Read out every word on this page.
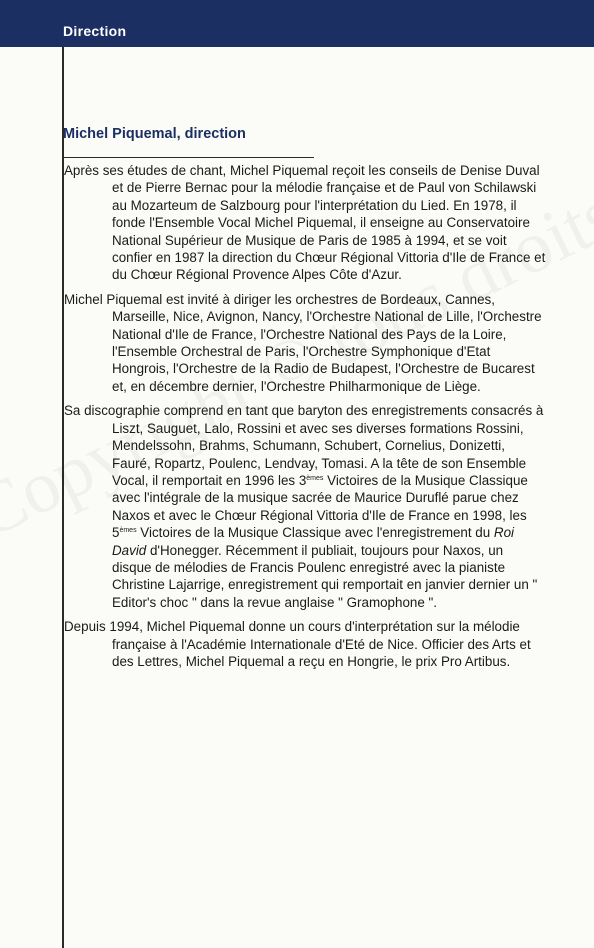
Direction
Michel Piquemal, direction

Après ses études de chant, Michel Piquemal reçoit les conseils de Denise Duval et de Pierre Bernac pour la mélodie française et de Paul von Schilawski au Mozarteum de Salzbourg pour l'interprétation du Lied. En 1978, il fonde l'Ensemble Vocal Michel Piquemal, il enseigne au Conservatoire National Supérieur de Musique de Paris de 1985 à 1994, et se voit confier en 1987 la direction du Chœur Régional Vittoria d'Ile de France et du Chœur Régional Provence Alpes Côte d'Azur.

Michel Piquemal est invité à diriger les orchestres de Bordeaux, Cannes, Marseille, Nice, Avignon, Nancy, l'Orchestre National de Lille, l'Orchestre National d'Ile de France, l'Orchestre National des Pays de la Loire, l'Ensemble Orchestral de Paris, l'Orchestre Symphonique d'Etat Hongrois, l'Orchestre de la Radio de Budapest, l'Orchestre de Bucarest et, en décembre dernier, l'Orchestre Philharmonique de Liège.

Sa discographie comprend en tant que baryton des enregistrements consacrés à Liszt, Sauguet, Lalo, Rossini et avec ses diverses formations Rossini, Mendelssohn, Brahms, Schumann, Schubert, Cornelius, Donizetti, Fauré, Ropartz, Poulenc, Lendvay, Tomasi. A la tête de son Ensemble Vocal, il remportait en 1996 les 3èmes Victoires de la Musique Classique avec l'intégrale de la musique sacrée de Maurice Duruflé parue chez Naxos et avec le Chœur Régional Vittoria d'Ile de France en 1998, les 5èmes Victoires de la Musique Classique avec l'enregistrement du Roi David d'Honegger. Récemment il publiait, toujours pour Naxos, un disque de mélodies de Francis Poulenc enregistré avec la pianiste Christine Lajarrige, enregistrement qui remportait en janvier dernier un " Editor's choc " dans la revue anglaise " Gramophone ".

Depuis 1994, Michel Piquemal donne un cours d'interprétation sur la mélodie française à l'Académie Internationale d'Eté de Nice. Officier des Arts et des Lettres, Michel Piquemal a reçu en Hongrie, le prix Pro Artibus.
